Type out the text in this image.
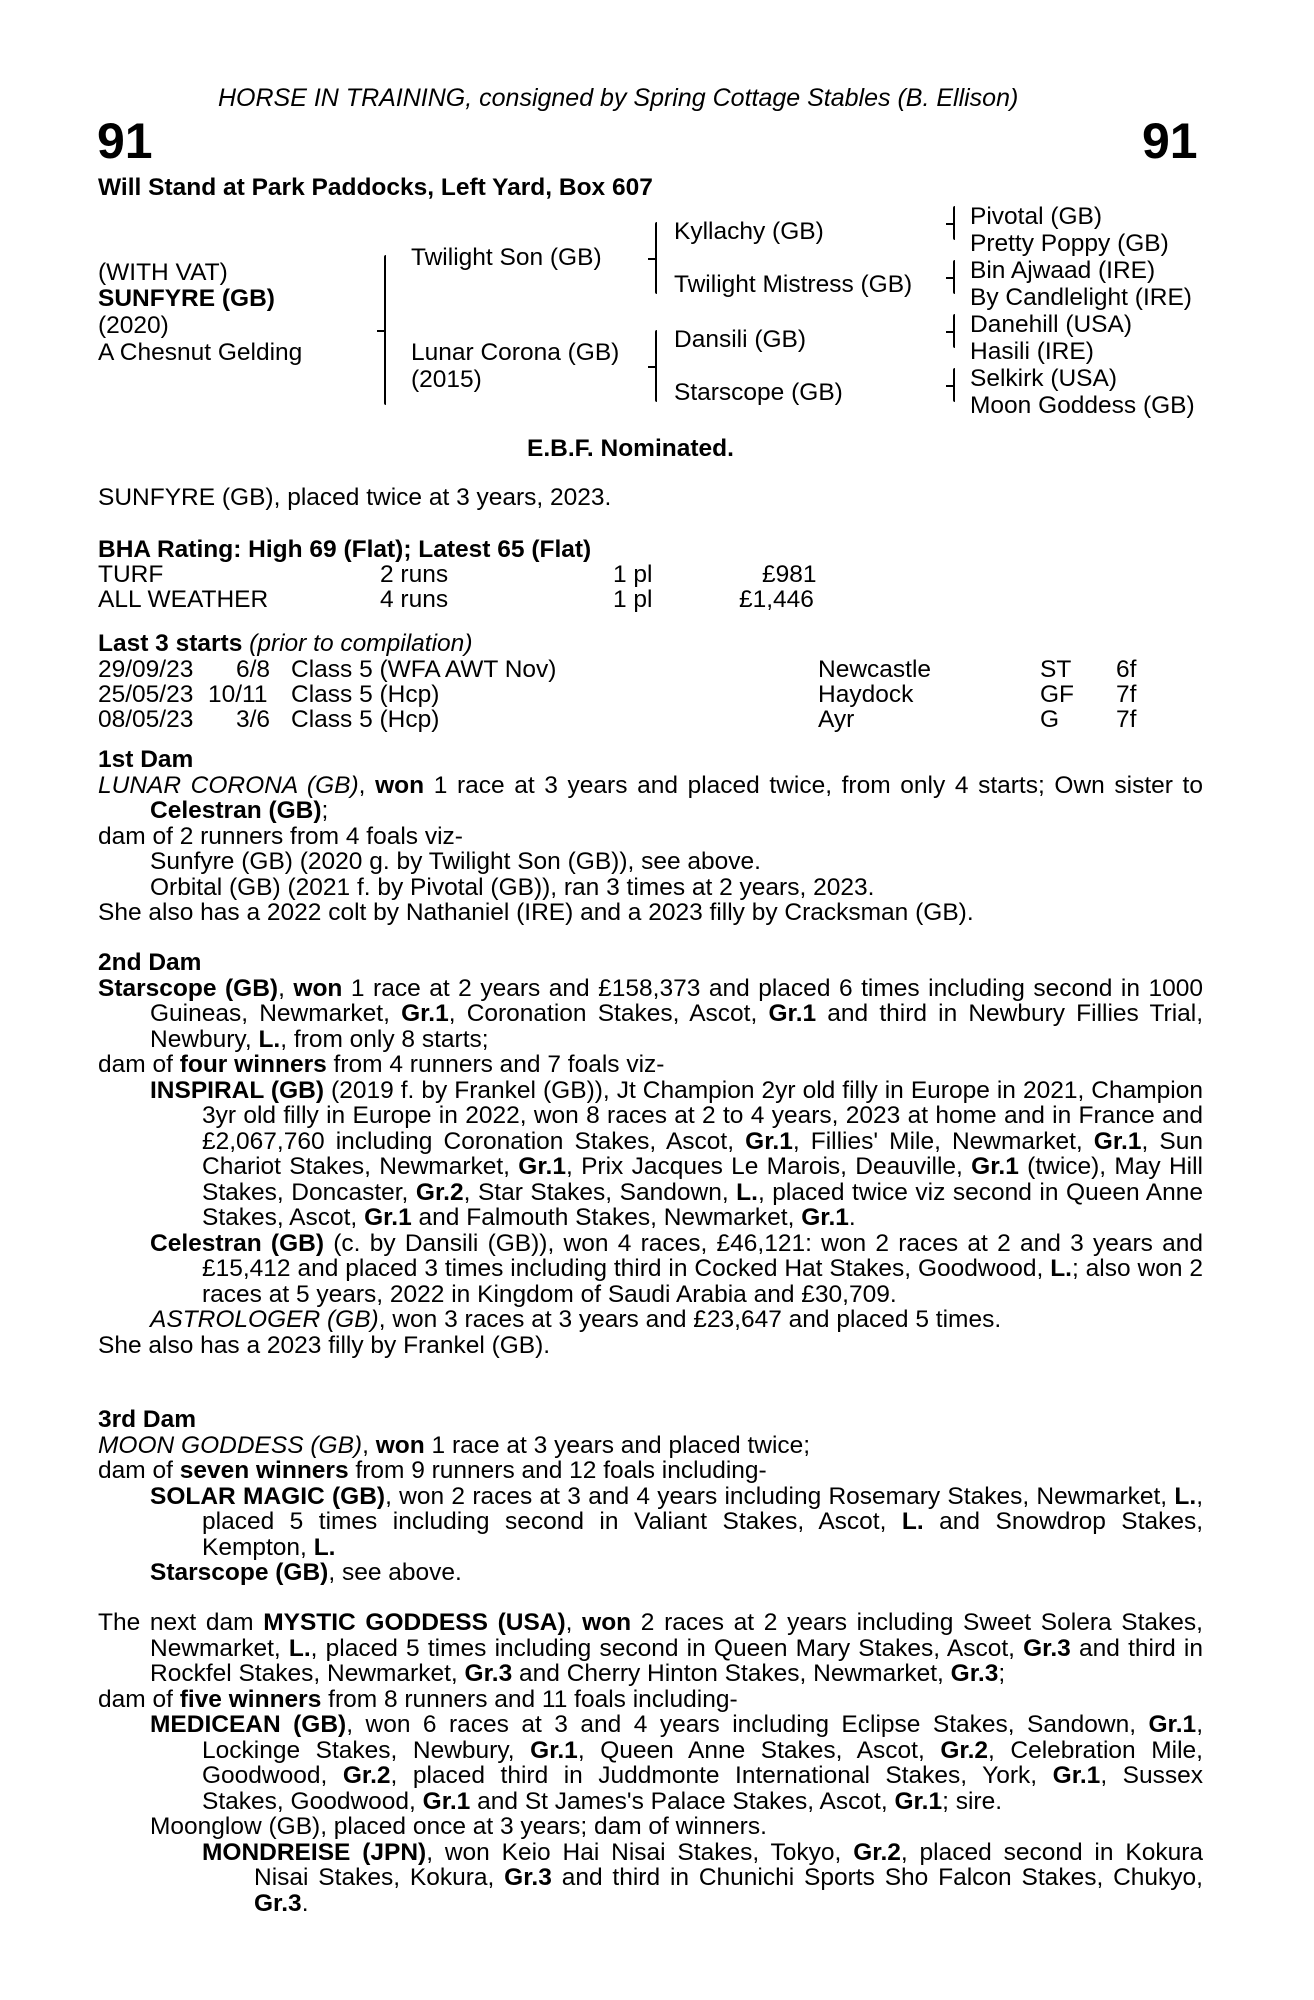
HORSE IN TRAINING, consigned by Spring Cottage Stables (B. Ellison)
91	91
Will Stand at Park Paddocks, Left Yard, Box 607
(WITH VAT)
SUNFYRE (GB)
(2020)
A Chesnut Gelding
Twilight Son (GB)
Lunar Corona (GB)
(2015)
Kyllachy (GB)
Twilight Mistress (GB)
Dansili (GB)
Starscope (GB)
Pivotal (GB)
Pretty Poppy (GB)
Bin Ajwaad (IRE)
By Candlelight (IRE)
Danehill (USA)
Hasili (IRE)
Selkirk (USA)
Moon Goddess (GB)
E.B.F. Nominated.
SUNFYRE (GB), placed twice at 3 years, 2023.
BHA Rating: High 69 (Flat); Latest 65 (Flat)
TURF	2 runs	1 pl	£981
ALL WEATHER	4 runs	1 pl	£1,446
Last 3 starts (prior to compilation)
29/09/23 6/8 Class 5 (WFA AWT Nov)	Newcastle	ST 6f
25/05/23 10/11 Class 5 (Hcp)	Haydock	GF 7f
08/05/23 3/6 Class 5 (Hcp)	Ayr	G 7f
1st Dam
LUNAR CORONA (GB), won 1 race at 3 years and placed twice, from only 4 starts; Own sister to Celestran (GB);
dam of 2 runners from 4 foals viz-
Sunfyre (GB) (2020 g. by Twilight Son (GB)), see above.
Orbital (GB) (2021 f. by Pivotal (GB)), ran 3 times at 2 years, 2023.
She also has a 2022 colt by Nathaniel (IRE) and a 2023 filly by Cracksman (GB).
2nd Dam
Starscope (GB), won 1 race at 2 years and £158,373 and placed 6 times including second in 1000 Guineas, Newmarket, Gr.1, Coronation Stakes, Ascot, Gr.1 and third in Newbury Fillies Trial, Newbury, L., from only 8 starts;
dam of four winners from 4 runners and 7 foals viz-
INSPIRAL (GB) (2019 f. by Frankel (GB)), Jt Champion 2yr old filly in Europe in 2021, Champion 3yr old filly in Europe in 2022, won 8 races at 2 to 4 years, 2023 at home and in France and £2,067,760 including Coronation Stakes, Ascot, Gr.1, Fillies' Mile, Newmarket, Gr.1, Sun Chariot Stakes, Newmarket, Gr.1, Prix Jacques Le Marois, Deauville, Gr.1 (twice), May Hill Stakes, Doncaster, Gr.2, Star Stakes, Sandown, L., placed twice viz second in Queen Anne Stakes, Ascot, Gr.1 and Falmouth Stakes, Newmarket, Gr.1.
Celestran (GB) (c. by Dansili (GB)), won 4 races, £46,121: won 2 races at 2 and 3 years and £15,412 and placed 3 times including third in Cocked Hat Stakes, Goodwood, L.; also won 2 races at 5 years, 2022 in Kingdom of Saudi Arabia and £30,709.
ASTROLOGER (GB), won 3 races at 3 years and £23,647 and placed 5 times.
She also has a 2023 filly by Frankel (GB).
3rd Dam
MOON GODDESS (GB), won 1 race at 3 years and placed twice;
dam of seven winners from 9 runners and 12 foals including-
SOLAR MAGIC (GB), won 2 races at 3 and 4 years including Rosemary Stakes, Newmarket, L., placed 5 times including second in Valiant Stakes, Ascot, L. and Snowdrop Stakes, Kempton, L.
Starscope (GB), see above.
The next dam MYSTIC GODDESS (USA), won 2 races at 2 years including Sweet Solera Stakes, Newmarket, L., placed 5 times including second in Queen Mary Stakes, Ascot, Gr.3 and third in Rockfel Stakes, Newmarket, Gr.3 and Cherry Hinton Stakes, Newmarket, Gr.3;
dam of five winners from 8 runners and 11 foals including-
MEDICEAN (GB), won 6 races at 3 and 4 years including Eclipse Stakes, Sandown, Gr.1, Lockinge Stakes, Newbury, Gr.1, Queen Anne Stakes, Ascot, Gr.2, Celebration Mile, Goodwood, Gr.2, placed third in Juddmonte International Stakes, York, Gr.1, Sussex Stakes, Goodwood, Gr.1 and St James's Palace Stakes, Ascot, Gr.1; sire.
Moonglow (GB), placed once at 3 years; dam of winners.
MONDREISE (JPN), won Keio Hai Nisai Stakes, Tokyo, Gr.2, placed second in Kokura Nisai Stakes, Kokura, Gr.3 and third in Chunichi Sports Sho Falcon Stakes, Chukyo, Gr.3.
